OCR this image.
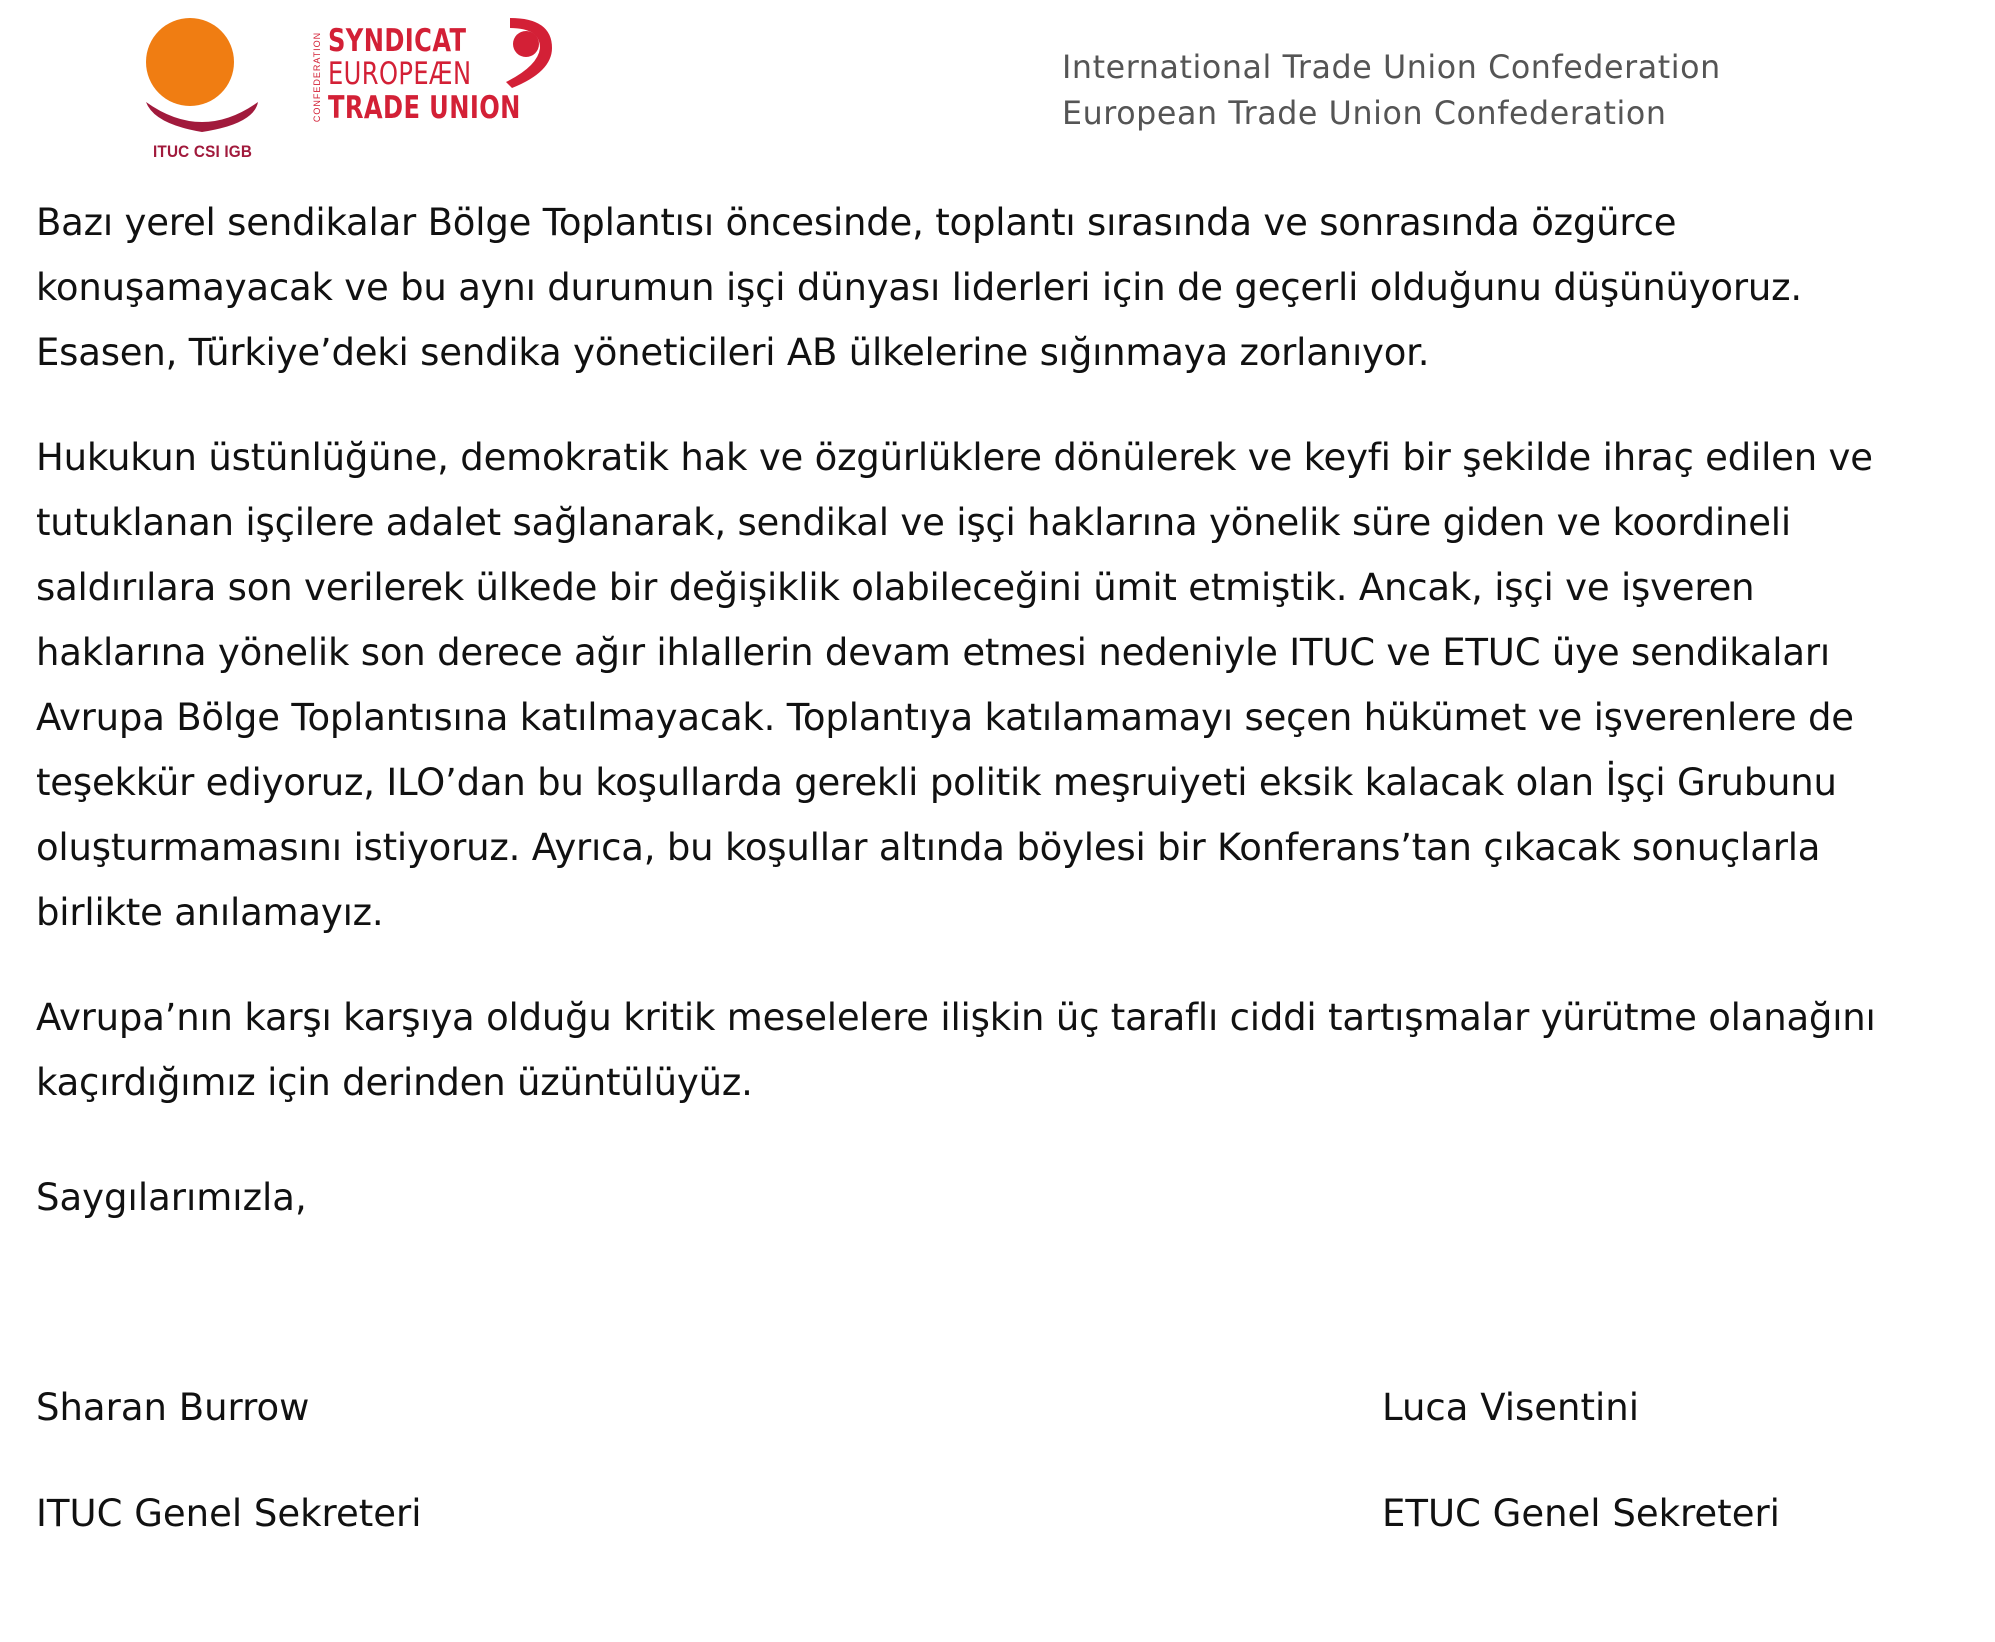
ITUC CSI IGB
CONFEDERATION SYNDICAT
EUROPEÆN
TRADE UNION
International Trade Union Confederation
European Trade Union Confederation

Bazı yerel sendikalar Bölge Toplantısı öncesinde, toplantı sırasında ve sonrasında özgürce
konuşamayacak ve bu aynı durumun işçi dünyası liderleri için de geçerli olduğunu düşünüyoruz.
Esasen, Türkiye’deki sendika yöneticileri AB ülkelerine sığınmaya zorlanıyor.

Hukukun üstünlüğüne, demokratik hak ve özgürlüklere dönülerek ve keyfi bir şekilde ihraç edilen ve
tutuklanan işçilere adalet sağlanarak, sendikal ve işçi haklarına yönelik süre giden ve koordineli
saldırılara son verilerek ülkede bir değişiklik olabileceğini ümit etmiştik. Ancak, işçi ve işveren
haklarına yönelik son derece ağır ihlallerin devam etmesi nedeniyle ITUC ve ETUC üye sendikaları
Avrupa Bölge Toplantısına katılmayacak. Toplantıya katılamamayı seçen hükümet ve işverenlere de
teşekkür ediyoruz, ILO’dan bu koşullarda gerekli politik meşruiyeti eksik kalacak olan İşçi Grubunu
oluşturmamasını istiyoruz. Ayrıca, bu koşullar altında böylesi bir Konferans’tan çıkacak sonuçlarla
birlikte anılamayız.

Avrupa’nın karşı karşıya olduğu kritik meselelere ilişkin üç taraflı ciddi tartışmalar yürütme olanağını
kaçırdığımız için derinden üzüntülüyüz.

Saygılarımızla,
Sharan Burrow
ITUC Genel Sekreteri
Luca Visentini
ETUC Genel Sekreteri
